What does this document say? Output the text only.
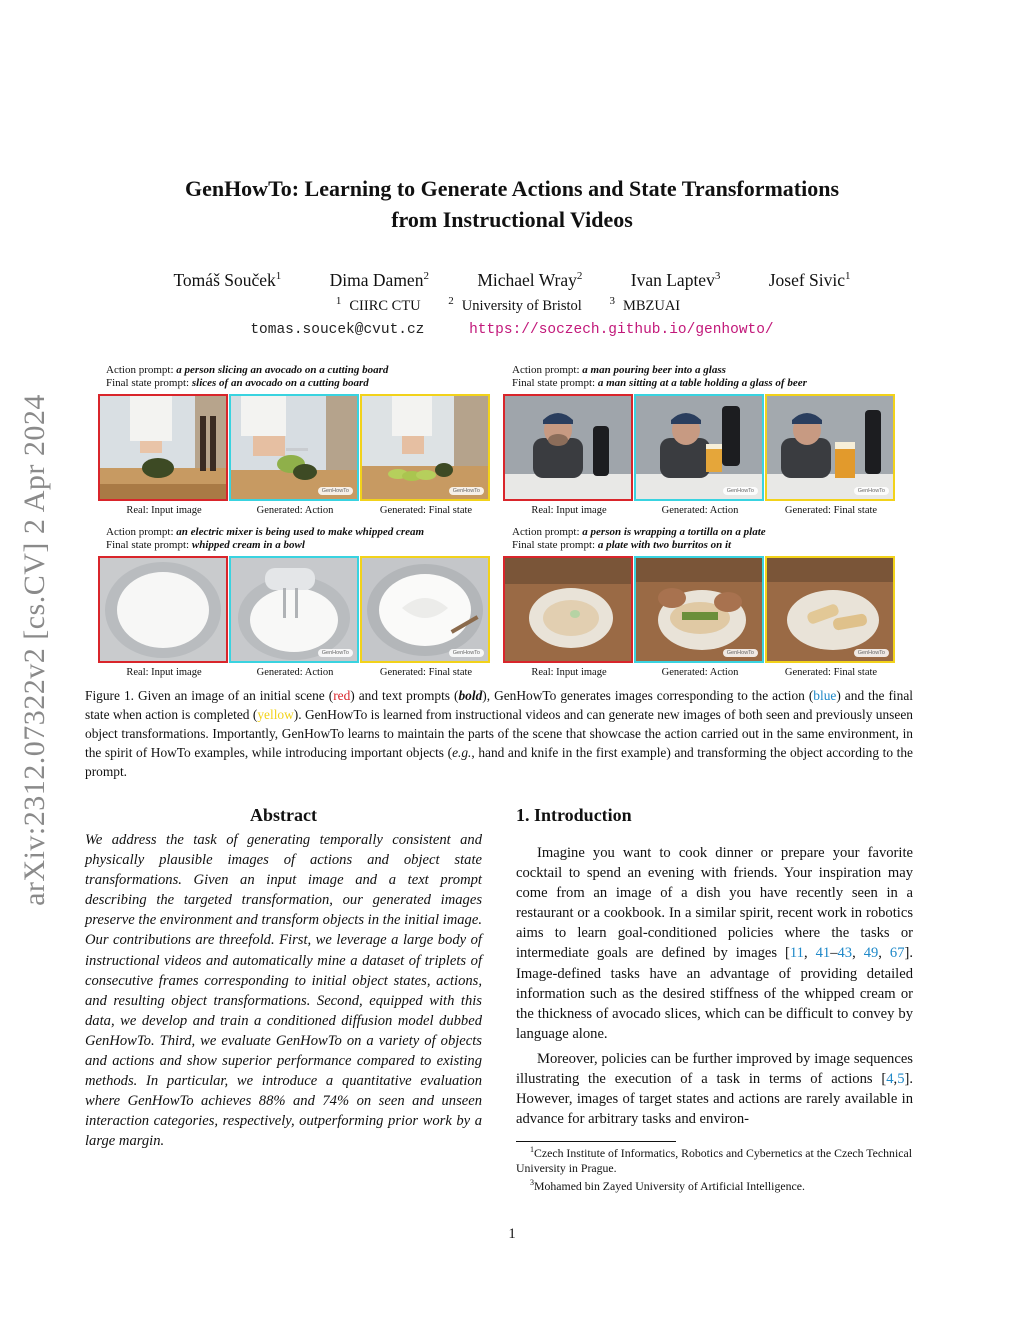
GenHowTo: Learning to Generate Actions and State Transformations
from Instructional Videos
Tomáš Souček$^1$	Dima Damen$^2$	Michael Wray$^2$	Ivan Laptev$^3$	Josef Sivic$^1$
$^1$ CIIRC CTU	$^2$ University of Bristol	$^3$ MBZUAI
tomas.soucek@cvut.cz	https://soczech.github.io/genhowto/
arXiv:2312.07322v2 [cs.CV] 2 Apr 2024
Action prompt: a person slicing an avocado on a cutting board
Final state prompt: slices of an avocado on a cutting board
GenHowTo	GenHowTo
Real: Input image	Generated: Action	Generated: Final state
Action prompt: a man pouring beer into a glass
Final state prompt: a man sitting at a table holding a glass of beer
GenHowTo	GenHowTo
Real: Input image	Generated: Action	Generated: Final state
Action prompt: an electric mixer is being used to make whipped cream
Final state prompt: whipped cream in a bowl
GenHowTo	GenHowTo
Real: Input image	Generated: Action	Generated: Final state
Action prompt: a person is wrapping a tortilla on a plate
Final state prompt: a plate with two burritos on it
GenHowTo	GenHowTo
Real: Input image	Generated: Action	Generated: Final state
Figure 1. Given an image of an initial scene (red) and text prompts (bold), GenHowTo generates images corresponding to the action (blue) and the final state when action is completed (yellow). GenHowTo is learned from instructional videos and can generate new images of both seen and previously unseen object transformations. Importantly, GenHowTo learns to maintain the parts of the scene that showcase the action carried out in the same environment, in the spirit of HowTo examples, while introducing important objects (e.g., hand and knife in the first example) and transforming the object according to the prompt.
Abstract
We address the task of generating temporally consistent and physically plausible images of actions and object state transformations. Given an input image and a text prompt describing the targeted transformation, our generated images preserve the environment and transform objects in the initial image. Our contributions are threefold. First, we leverage a large body of instructional videos and automatically mine a dataset of triplets of consecutive frames corresponding to initial object states, actions, and resulting object transformations. Second, equipped with this data, we develop and train a conditioned diffusion model dubbed GenHowTo. Third, we evaluate GenHowTo on a variety of objects and actions and show superior performance compared to existing methods. In particular, we introduce a quantitative evaluation where GenHowTo achieves 88% and 74% on seen and unseen interaction categories, respectively, outperforming prior work by a large margin.
1. Introduction

Imagine you want to cook dinner or prepare your favorite cocktail to spend an evening with friends. Your inspiration may come from an image of a dish you have recently seen in a restaurant or a cookbook. In a similar spirit, recent work in robotics aims to learn goal-conditioned policies where the tasks or intermediate goals are defined by images [11, 41–43, 49, 67]. Image-defined tasks have an advantage of providing detailed information such as the desired stiffness of the whipped cream or the thickness of avocado slices, which can be difficult to convey by language alone.

Moreover, policies can be further improved by image sequences illustrating the execution of a task in terms of actions [4,5]. However, images of target states and actions are rarely available in advance for arbitrary tasks and environ-

$^1$Czech Institute of Informatics, Robotics and Cybernetics at the Czech Technical University in Prague.
$^3$Mohamed bin Zayed University of Artificial Intelligence.
1
